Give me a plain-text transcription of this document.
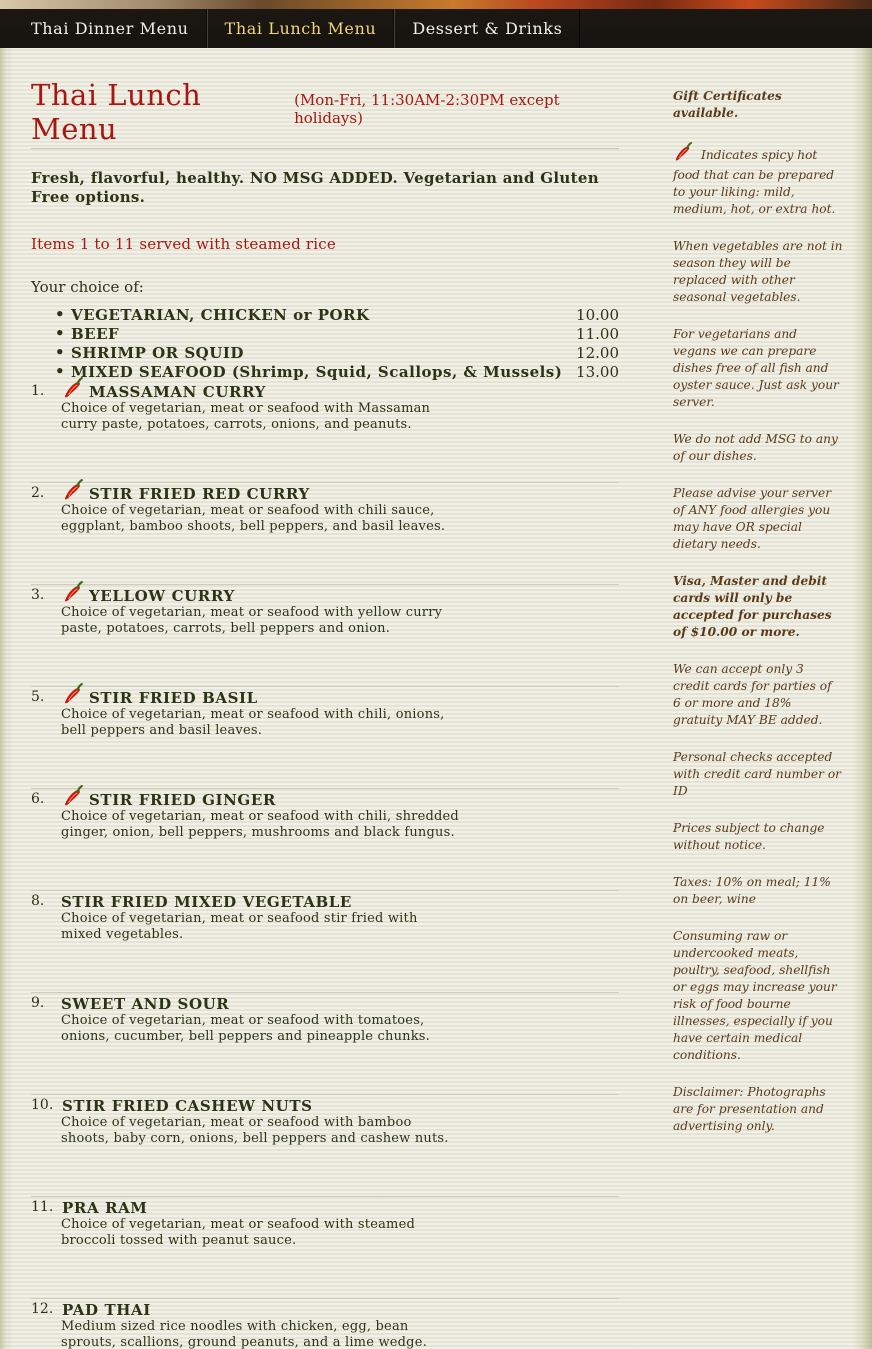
Thai Dinner Menu	Thai Lunch Menu	Dessert & Drinks
Thai Lunch Menu
(Mon-Fri, 11:30AM-2:30PM except holidays)

Fresh, flavorful, healthy. NO MSG ADDED. Vegetarian and Gluten Free options.

Items 1 to 11 served with steamed rice

Your choice of:

• VEGETARIAN, CHICKEN or PORK	10.00
• BEEF	11.00
• SHRIMP OR SQUID	12.00
• MIXED SEAFOOD (Shrimp, Squid, Scallops, & Mussels) 13.00
1.	MASSAMAN CURRY
Choice of vegetarian, meat or seafood with Massaman curry paste, potatoes, carrots, onions, and peanuts.
2.	STIR FRIED RED CURRY
Choice of vegetarian, meat or seafood with chili sauce, eggplant, bamboo shoots, bell peppers, and basil leaves.
3.	YELLOW CURRY
Choice of vegetarian, meat or seafood with yellow curry paste, potatoes, carrots, bell peppers and onion.
5.	STIR FRIED BASIL
Choice of vegetarian, meat or seafood with chili, onions, bell peppers and basil leaves.
6.	STIR FRIED GINGER
Choice of vegetarian, meat or seafood with chili, shredded ginger, onion, bell peppers, mushrooms and black fungus.
8. STIR FRIED MIXED VEGETABLE
Choice of vegetarian, meat or seafood stir fried with mixed vegetables.
9. SWEET AND SOUR
Choice of vegetarian, meat or seafood with tomatoes, onions, cucumber, bell peppers and pineapple chunks.
10. STIR FRIED CASHEW NUTS
Choice of vegetarian, meat or seafood with bamboo shoots, baby corn, onions, bell peppers and cashew nuts.
11. PRA RAM
Choice of vegetarian, meat or seafood with steamed broccoli tossed with peanut sauce.
12. PAD THAI
Medium sized rice noodles with chicken, egg, bean sprouts, scallions, ground peanuts, and a lime wedge.

Gift Certificates available.

Indicates spicy hot food that can be prepared to your liking: mild, medium, hot, or extra hot.

When vegetables are not in season they will be replaced with other seasonal vegetables.

For vegetarians and vegans we can prepare dishes free of all fish and oyster sauce. Just ask your server.

We do not add MSG to any of our dishes.

Please advise your server of ANY food allergies you may have OR special dietary needs.

Visa, Master and debit cards will only be accepted for purchases of $10.00 or more.

We can accept only 3 credit cards for parties of 6 or more and 18% gratuity MAY BE added.

Personal checks accepted with credit card number or ID

Prices subject to change without notice.

Taxes: 10% on meal; 11% on beer, wine

Consuming raw or undercooked meats, poultry, seafood, shellfish or eggs may increase your risk of food bourne illnesses, especially if you have certain medical conditions.

Disclaimer: Photographs are for presentation and advertising only.
